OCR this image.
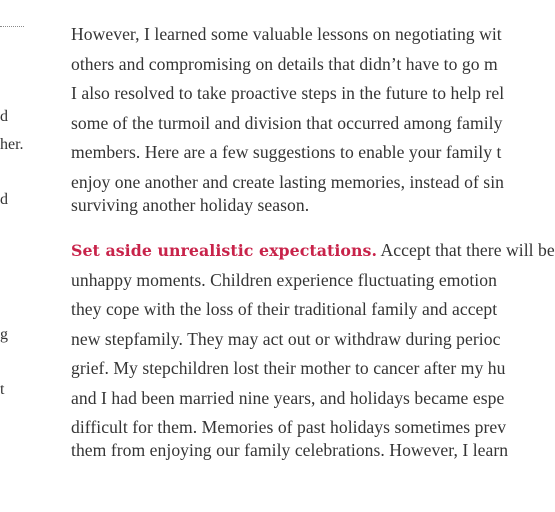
d
her.
d
g
t
However, I learned some valuable lessons on negotiating wit
others and compromising on details that didn’t have to go m
I also resolved to take proactive steps in the future to help rel
some of the turmoil and division that occurred among family
members. Here are a few suggestions to enable your family t
enjoy one another and create lasting memories, instead of sin
surviving another holiday season.
Set aside unrealistic expectations. Accept that there will be
unhappy moments. Children experience fluctuating emotion
they cope with the loss of their traditional family and accept
new stepfamily. They may act out or withdraw during perioc
grief. My stepchildren lost their mother to cancer after my hu
and I had been married nine years, and holidays became espe
difficult for them. Memories of past holidays sometimes prev
them from enjoying our family celebrations. However, I learn
